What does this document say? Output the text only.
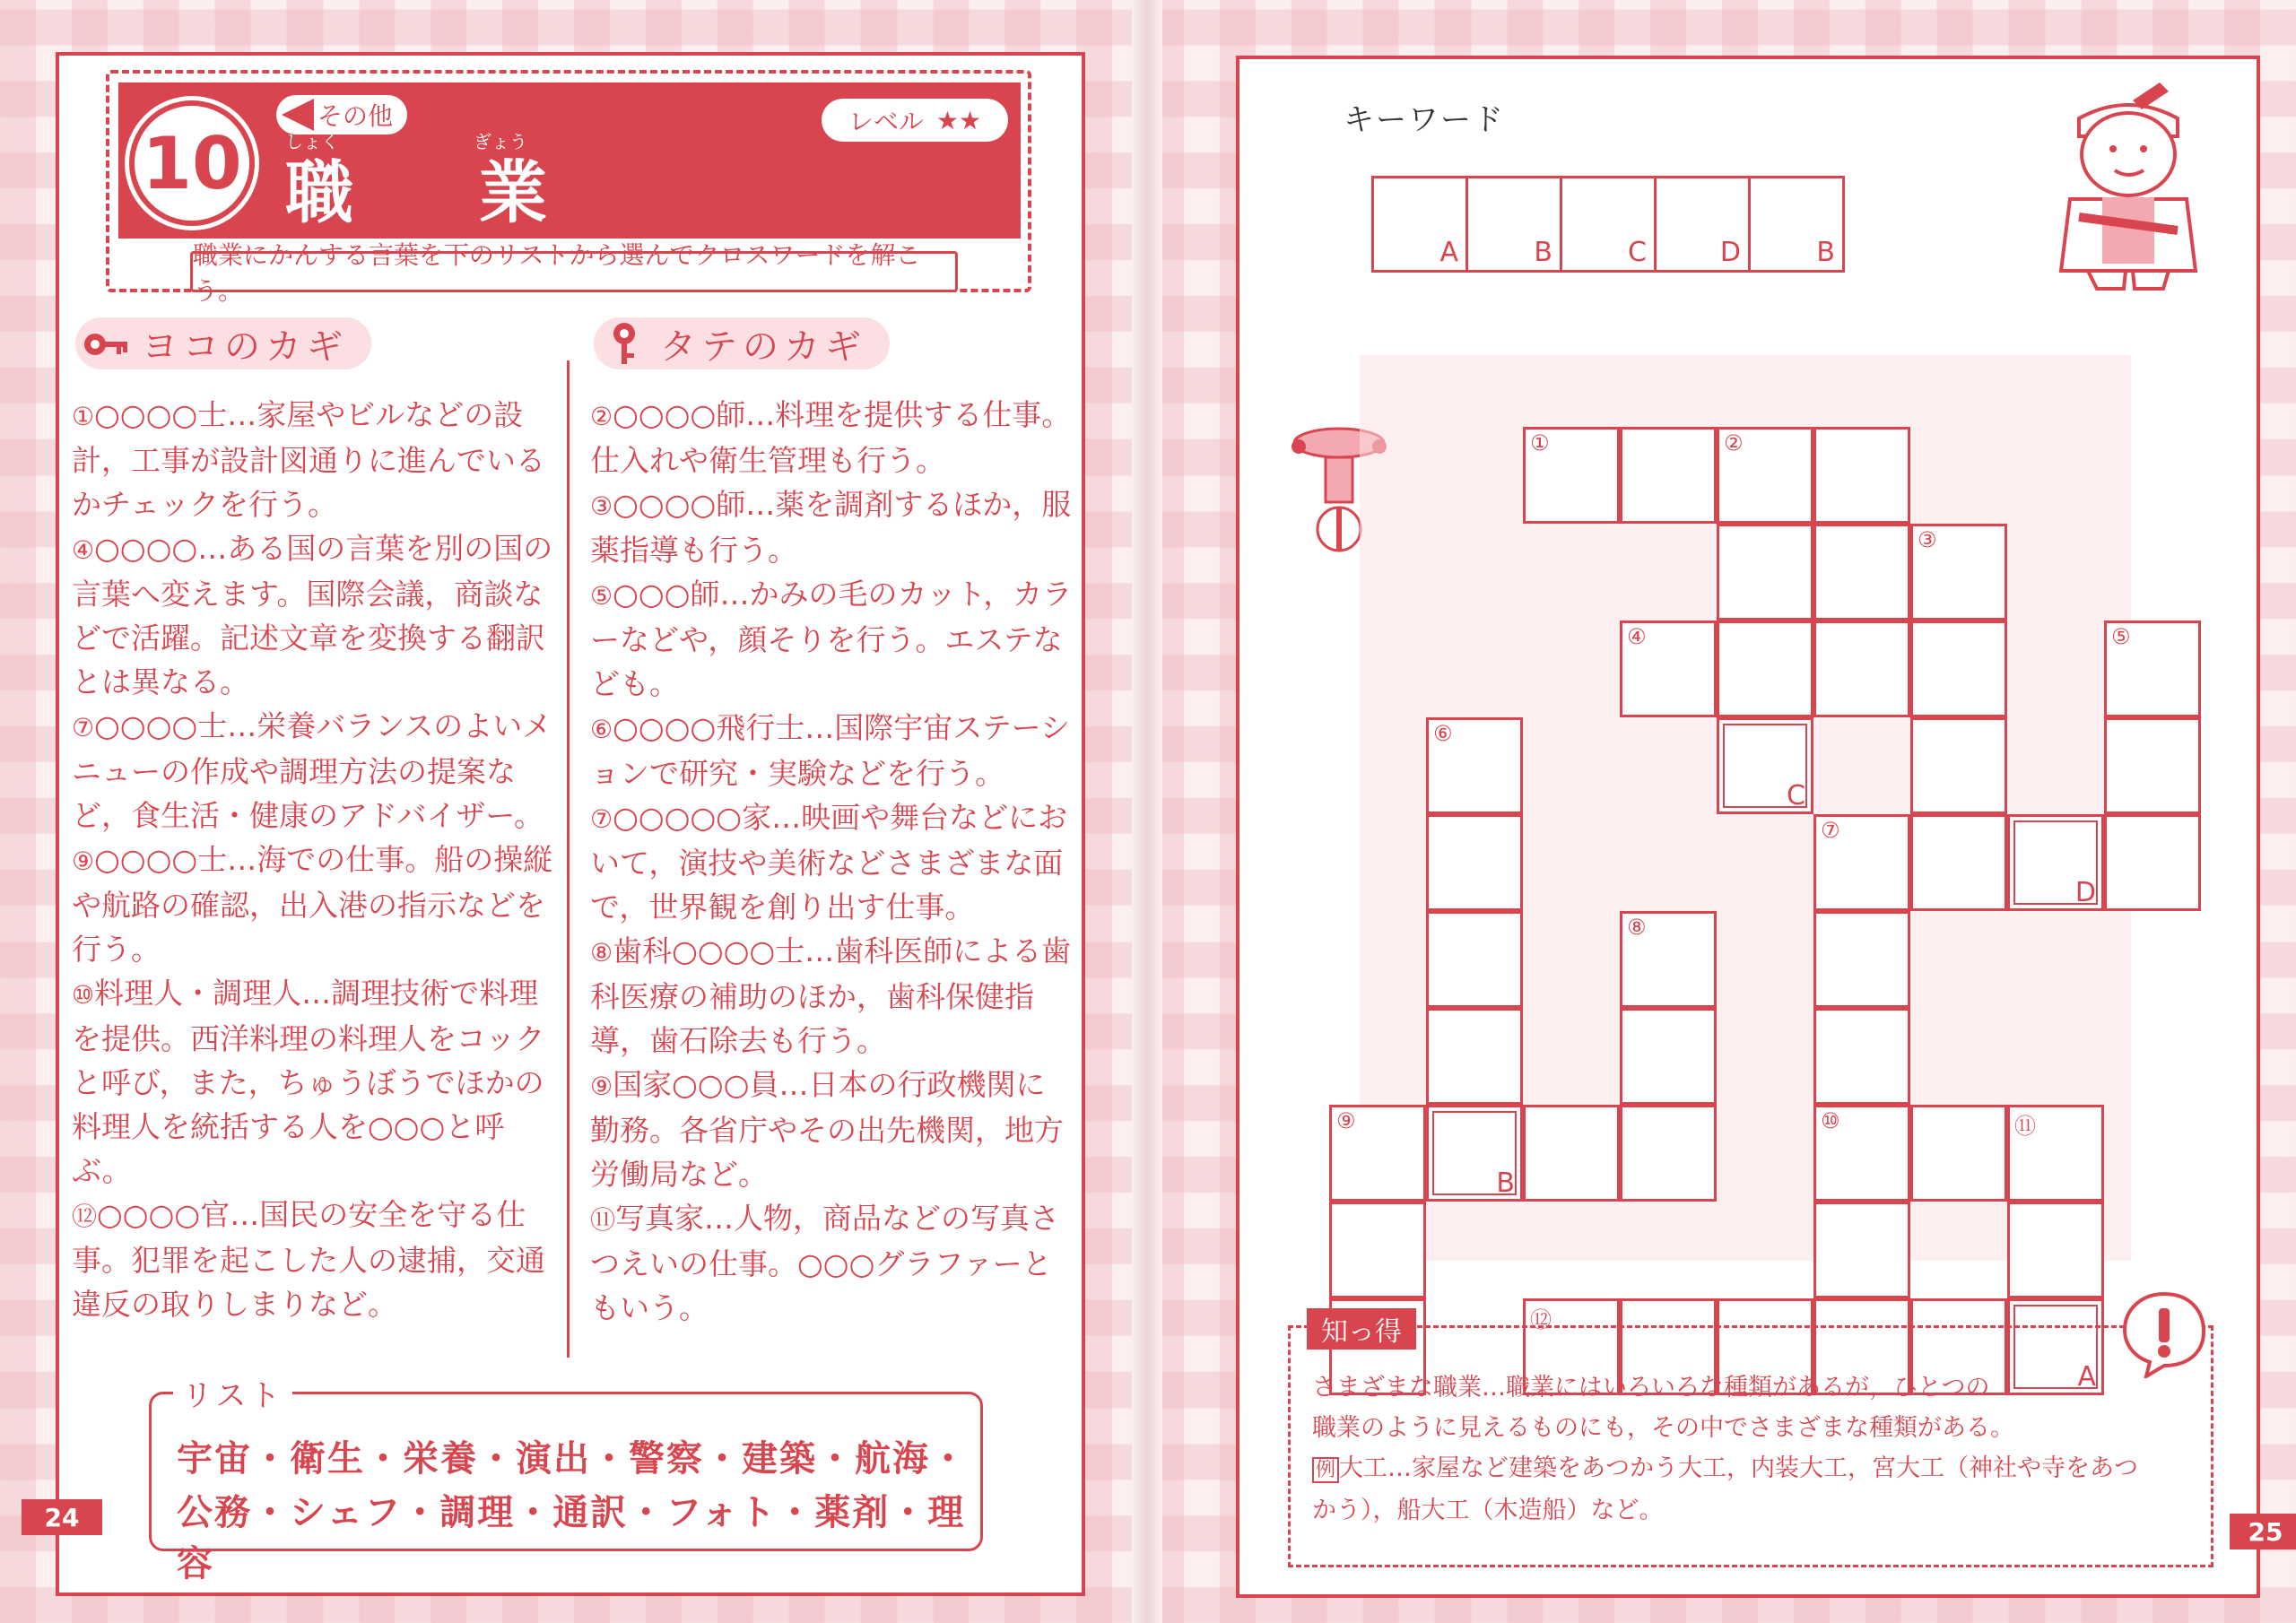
10
その他	レベル ★★
しょく	ぎょう
職業
職業にかんする言葉を下のリストから選んでクロスワードを解こう。
ヨコのカギ	タテのカギ
①○○○○士…家屋やビルなどの設計，工事が設計図通りに進んでいるかチェックを行う。
④○○○○…ある国の言葉を別の国の言葉へ変えます。国際会議，商談などで活躍。記述文章を変換する翻訳とは異なる。
⑦○○○○士…栄養バランスのよいメニューの作成や調理方法の提案など，食生活・健康のアドバイザー。
⑨○○○○士…海での仕事。船の操縦や航路の確認，出入港の指示などを行う。
⑩料理人・調理人…調理技術で料理を提供。西洋料理の料理人をコックと呼び，また，ちゅうぼうでほかの料理人を統括する人を○○○と呼ぶ。
⑫○○○○官…国民の安全を守る仕事。犯罪を起こした人の逮捕，交通違反の取りしまりなど。
②○○○○師…料理を提供する仕事。仕入れや衛生管理も行う。
③○○○○師…薬を調剤するほか，服薬指導も行う。
⑤○○○師…かみの毛のカット，カラーなどや，顔そりを行う。エステなども。
⑥○○○○飛行士…国際宇宙ステーションで研究・実験などを行う。
⑦○○○○○家…映画や舞台などにおいて，演技や美術などさまざまな面で，世界観を創り出す仕事。
⑧歯科○○○○士…歯科医師による歯科医療の補助のほか，歯科保健指導，歯石除去も行う。
⑨国家○○○員…日本の行政機関に勤務。各省庁やその出先機関，地方労働局など。
⑪写真家…人物，商品などの写真さつえいの仕事。○○○グラファーともいう。
リスト
宇宙・衛生・栄養・演出・警察・建築・航海・
公務・シェフ・調理・通訳・フォト・薬剤・理容
24
キーワード
A	B	C	D	B
①	②
③
④	⑤
⑥
C
⑦
D
⑧
⑨
B
⑩	⑪
⑫
A
知っ得
さまざまな職業…職業にはいろいろな種類があるが，ひとつの
職業のように見えるものにも，その中でさまざまな種類がある。
例 大工…家屋など建築をあつかう大工，内装大工，宮大工（神社や寺をあつ
かう），船大工（木造船）など。
25
